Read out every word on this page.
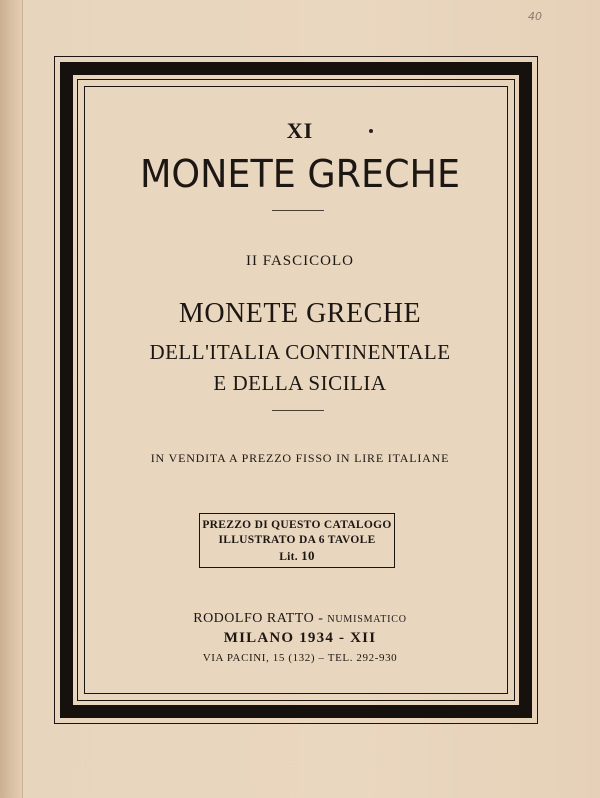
40
XI
MONETE GRECHE
II FASCICOLO
MONETE GRECHE
DELL'ITALIA CONTINENTALE
E DELLA SICILIA
IN VENDITA A PREZZO FISSO IN LIRE ITALIANE
PREZZO DI QUESTO CATALOGO
ILLUSTRATO DA 6 TAVOLE
Lit. 10
RODOLFO RATTO - NUMISMATICO
MILANO 1934 - XII
VIA PACINI, 15 (132) – TEL. 292-930
